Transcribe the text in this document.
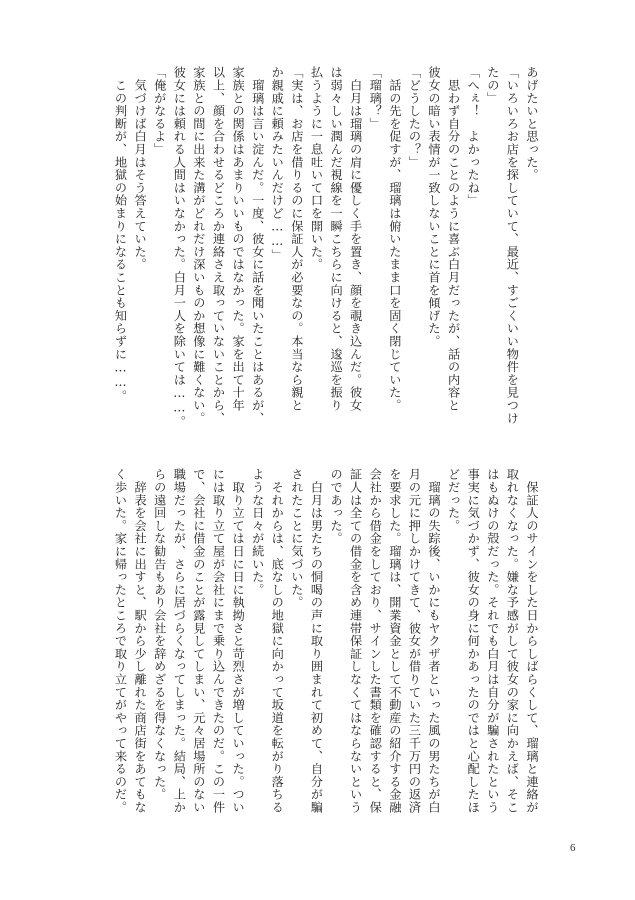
あげたいと思った。
「いろいろお店を探していて、最近、すごくいい物件を見つけ
たの」
「へぇ！　よかったね」
　思わず自分のことのように喜ぶ白月だったが、話の内容と
彼女の暗い表情が一致しないことに首を傾げた。
「どうしたの？」
　話の先を促すが、瑠璃は俯いたまま口を固く閉じていた。
「瑠璃？」
　白月は瑠璃の肩に優しく手を置き、顔を覗き込んだ。彼女
は弱々しい潤んだ視線を一瞬こちらに向けると、逡巡を振り
払うように一息吐いて口を開いた。
「実は、お店を借りるのに保証人が必要なの。本当なら親と
か親戚に頼みたいんだけど……」
　瑠璃は言い淀んだ。一度、彼女に話を聞いたことはあるが、
家族との関係はあまりいいものではなかった。家を出て十年
以上、顔を合わせるどころか連絡さえ取っていないことから、
家族との間に出来た溝がどれだけ深いものか想像に難くない。
彼女には頼れる人間はいなかった。白月一人を除いては……。
「俺がなるよ」
　気づけば白月はそう答えていた。
　この判断が、地獄の始まりになることも知らずに……。
　保証人のサインをした日からしばらくして、瑠璃と連絡が
取れなくなった。嫌な予感がして彼女の家に向かえば、そこ
はもぬけの殻だった。それでも白月は自分が騙されたという
事実に気づかず、彼女の身に何かあったのではと心配したほ
どだった。
　瑠璃の失踪後、いかにもヤクザ者といった風の男たちが白
月の元に押しかけてきて、彼女が借りていた三千万円の返済
を要求した。瑠璃は、開業資金として不動産の紹介する金融
会社から借金をしており、サインした書類を確認すると、保
証人は全ての借金を含め連帯保証しなくてはならないという
のであった。
　白月は男たちの恫喝の声に取り囲まれて初めて、自分が騙
されたことに気づいた。
　それからは、底なしの地獄に向かって坂道を転がり落ちる
ような日々が続いた。
　取り立ては日に日に執拗さと苛烈さが増していった。つい
には取り立て屋が会社にまで乗り込んできたのだ。この一件
で、会社に借金のことが露見してしまい、元々居場所のない
職場だったが、さらに居づらくなってしまった。結局、上か
らの遠回しな勧告もあり会社を辞めざるを得なくなった。
　辞表を会社に出すと、駅から少し離れた商店街をあてもな
く歩いた。家に帰ったところで取り立てがやって来るのだ。
6
